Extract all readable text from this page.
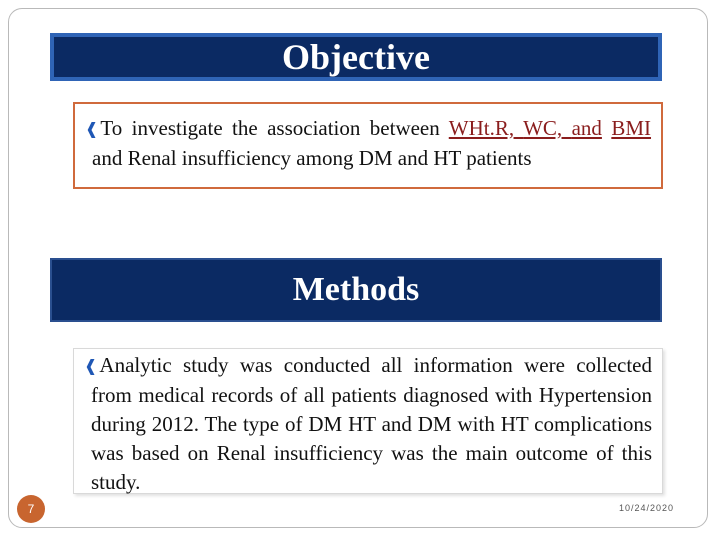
Objective
❰To investigate the association between WHt.R, WC, and BMI and Renal insufficiency among DM and HT patients
Methods
❰Analytic study was conducted all information were collected from medical records of all patients diagnosed with Hypertension during 2012. The type of DM HT and DM with HT complications was based on Renal insufficiency was the main outcome of this study.
7	10/24/2020
